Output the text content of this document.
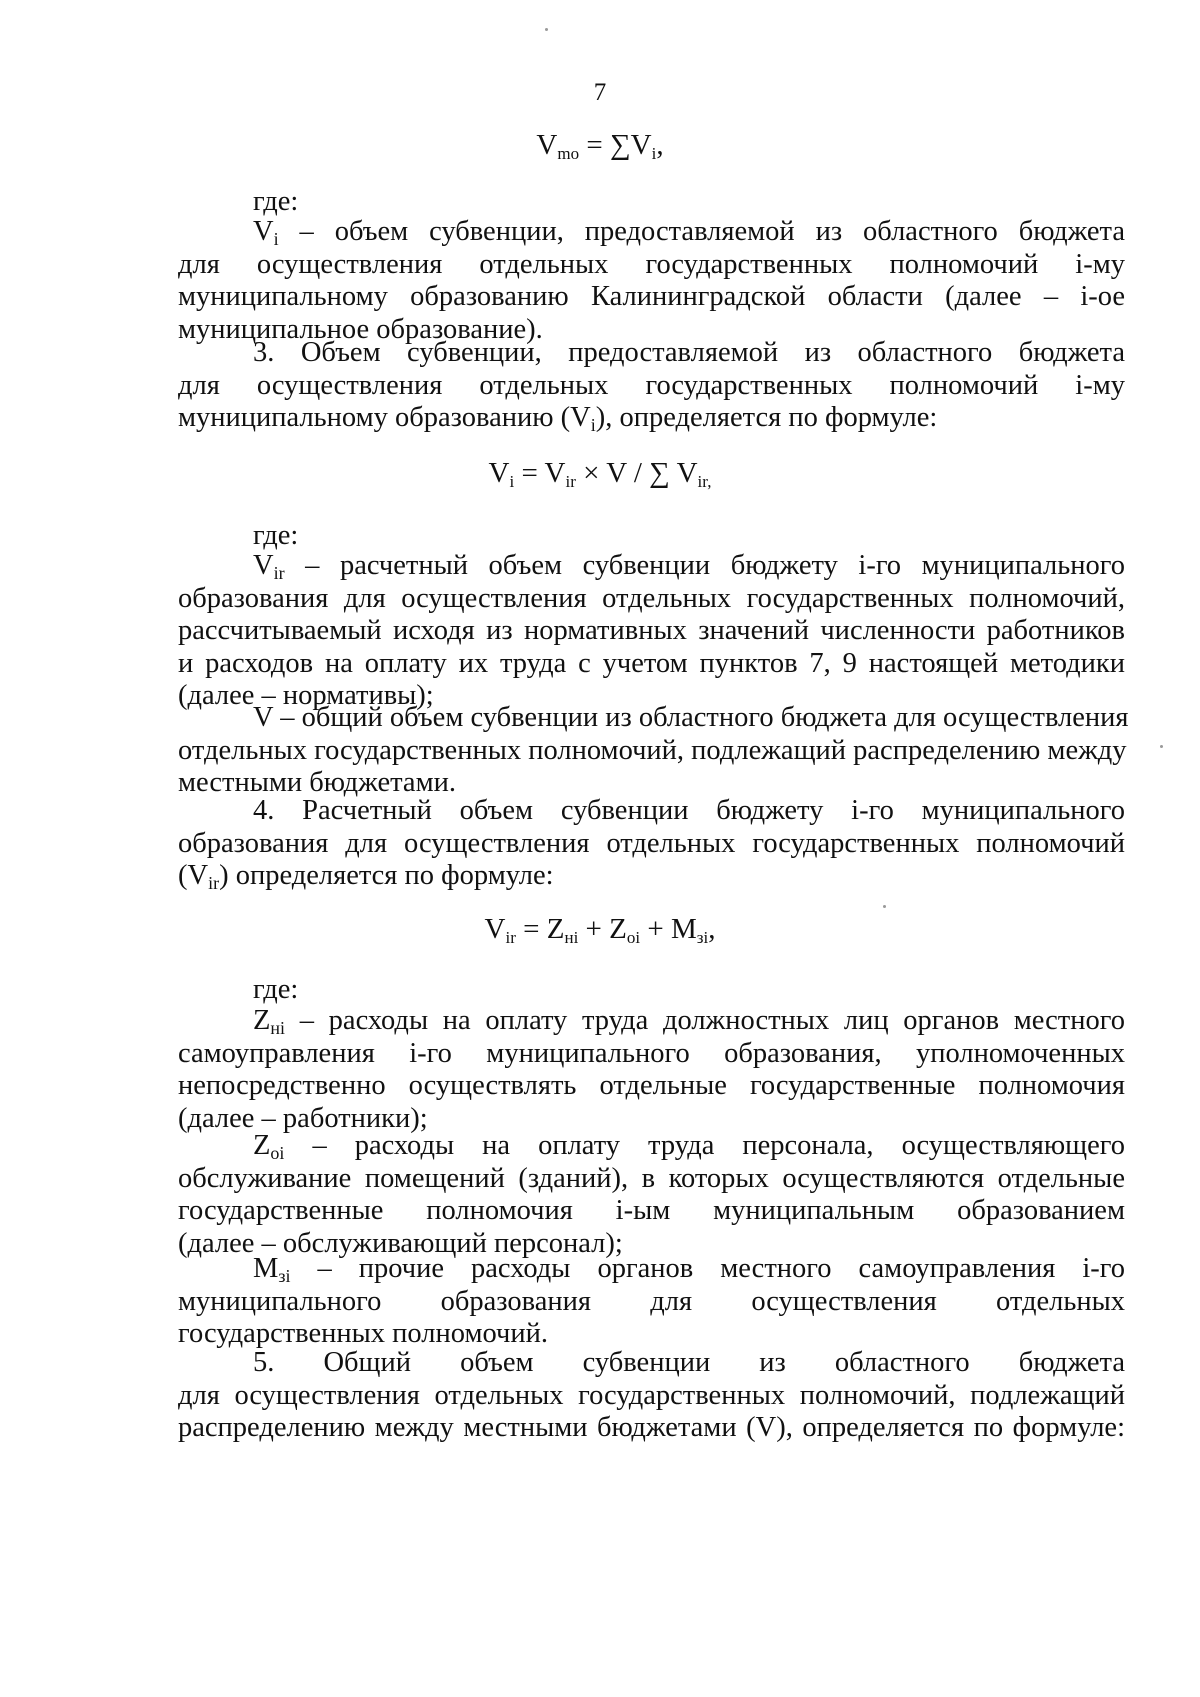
7
$V_{mo} = \sum V_i$,
где:
$V_i$ – объем субвенции, предоставляемой из областного бюджета
для осуществления отдельных государственных полномочий i-му
муниципальному образованию Калининградской области (далее – i-ое
муниципальное образование).
3. Объем субвенции, предоставляемой из областного бюджета
для осуществления отдельных государственных полномочий i-му
муниципальному образованию $(V_i)$, определяется по формуле:
$V_i = V_{ir} \times V$ / ∑ $V_{ir,}$
где:
$V_{ir}$ – расчетный объем субвенции бюджету i-го муниципального
образования для осуществления отдельных государственных полномочий,
рассчитываемый исходя из нормативных значений численности работников
и расходов на оплату их труда с учетом пунктов 7, 9 настоящей методики
(далее – нормативы);
V – общий объем субвенции из областного бюджета для осуществления
отдельных государственных полномочий, подлежащий распределению между
местными бюджетами.
4. Расчетный объем субвенции бюджету i-го муниципального
образования для осуществления отдельных государственных полномочий
$(V_{ir})$ определяется по формуле:
$V_{ir} = Z_{нi} + Z_{oi} + M_{зi}$,
где:
$Z_{нi}$ – расходы на оплату труда должностных лиц органов местного
самоуправления i-го муниципального образования, уполномоченных
непосредственно осуществлять отдельные государственные полномочия
(далее – работники);
$Z_{oi}$ – расходы на оплату труда персонала, осуществляющего
обслуживание помещений (зданий), в которых осуществляются отдельные
государственные полномочия i-ым муниципальным образованием
(далее – обслуживающий персонал);
$M_{зi}$ – прочие расходы органов местного самоуправления i-го
муниципального образования для осуществления отдельных
государственных полномочий.
5. Общий объем субвенции из областного бюджета
для осуществления отдельных государственных полномочий, подлежащий
распределению между местными бюджетами (V), определяется по формуле:
